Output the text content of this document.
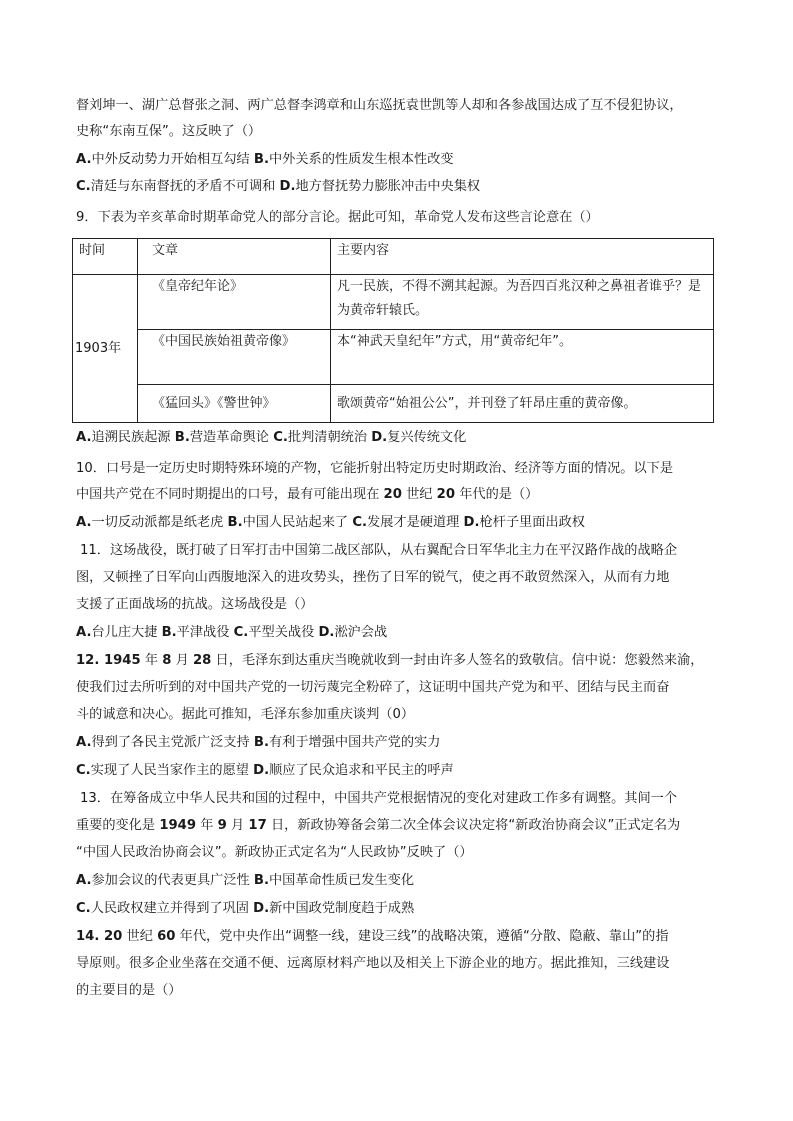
督刘坤一、湖广总督张之洞、两广总督李鸿章和山东巡抚袁世凯等人却和各参战国达成了互不侵犯协议，
史称“东南互保”。这反映了（）
A.中外反动势力开始相互勾结 B.中外关系的性质发生根本性改变
C.清廷与东南督抚的矛盾不可调和 D.地方督抚势力膨胀冲击中央集权
9．下表为辛亥革命时期革命党人的部分言论。据此可知，革命党人发布这些言论意在（）
时间	文章	主要内容
1903年	《皇帝纪年论》	凡一民族，不得不溯其起源。为吾四百兆汉种之鼻祖者谁乎？是
为黄帝轩辕氏。

	《中国民族始祖黄帝像》	本“神武天皇纪年”方式，用“黄帝纪年”。
	《猛回头》《警世钟》	歌颂黄帝“始祖公公”，并刊登了轩昂庄重的黄帝像。
A.追溯民族起源 B.营造革命舆论 C.批判清朝统治 D.复兴传统文化
10．口号是一定历史时期特殊环境的产物，它能折射出特定历史时期政治、经济等方面的情况。以下是
中国共产党在不同时期提出的口号，最有可能出现在 20 世纪 20 年代的是（）
A.一切反动派都是纸老虎 B.中国人民站起来了 C.发展才是硬道理 D.枪杆子里面出政权
11．这场战役，既打破了日军打击中国第二战区部队，从右翼配合日军华北主力在平汉路作战的战略企
图，又顿挫了日军向山西腹地深入的进攻势头，挫伤了日军的锐气，使之再不敢贸然深入，从而有力地
支援了正面战场的抗战。这场战役是（）
A.台儿庄大捷 B.平津战役 C.平型关战役 D.淞沪会战
12. 1945 年 8 月 28 日，毛泽东到达重庆当晚就收到一封由许多人签名的致敬信。信中说：您毅然来渝，
使我们过去所听到的对中国共产党的一切污蔑完全粉碎了，这证明中国共产党为和平、团结与民主而奋
斗的诚意和决心。据此可推知，毛泽东参加重庆谈判（0）
A.得到了各民主党派广泛支持 B.有利于增强中国共产党的实力
C.实现了人民当家作主的愿望 D.顺应了民众追求和平民主的呼声
13．在筹备成立中华人民共和国的过程中，中国共产党根据情况的变化对建政工作多有调整。其间一个
重要的变化是 1949 年 9 月 17 日，新政协筹备会第二次全体会议决定将“新政治协商会议”正式定名为
“中国人民政治协商会议”。新政协正式定名为“人民政协”反映了（）
A.参加会议的代表更具广泛性 B.中国革命性质已发生变化
C.人民政权建立并得到了巩固 D.新中国政党制度趋于成熟
14. 20 世纪 60 年代，党中央作出“调整一线，建设三线”的战略决策，遵循“分散、隐蔽、靠山”的指
导原则。很多企业坐落在交通不便、远离原材料产地以及相关上下游企业的地方。据此推知，三线建设
的主要目的是（）
